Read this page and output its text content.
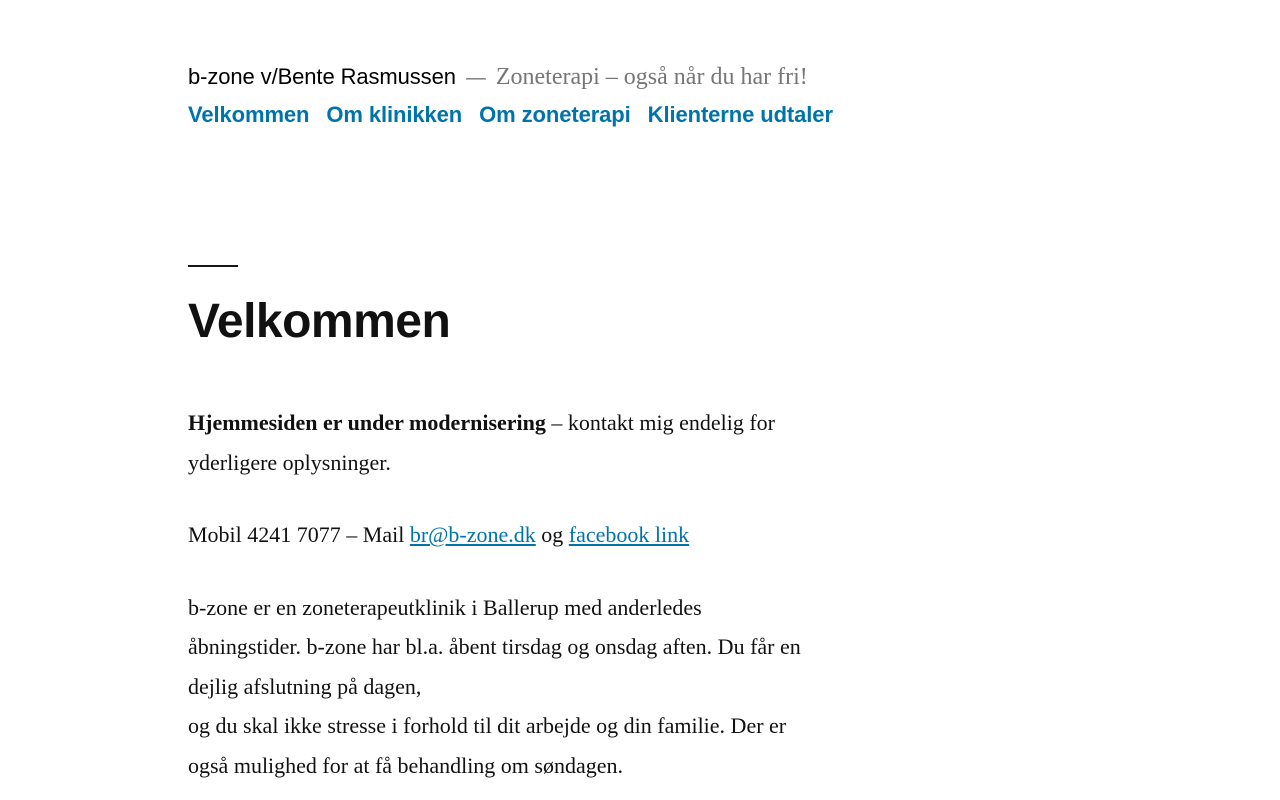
b-zone v/Bente Rasmussen — Zoneterapi – også når du har fri!
Velkommen Om klinikken Om zoneterapi Klienterne udtaler
Velkommen

Hjemmesiden er under modernisering – kontakt mig endelig for
yderligere oplysninger.

Mobil 4241 7077 – Mail br@b-zone.dk og facebook link

b-zone er en zoneterapeutklinik i Ballerup med anderledes
åbningstider. b-zone har bl.a. åbent tirsdag og onsdag aften. Du får en
dejlig afslutning på dagen,
og du skal ikke stresse i forhold til dit arbejde og din familie. Der er
også mulighed for at få behandling om søndagen.
